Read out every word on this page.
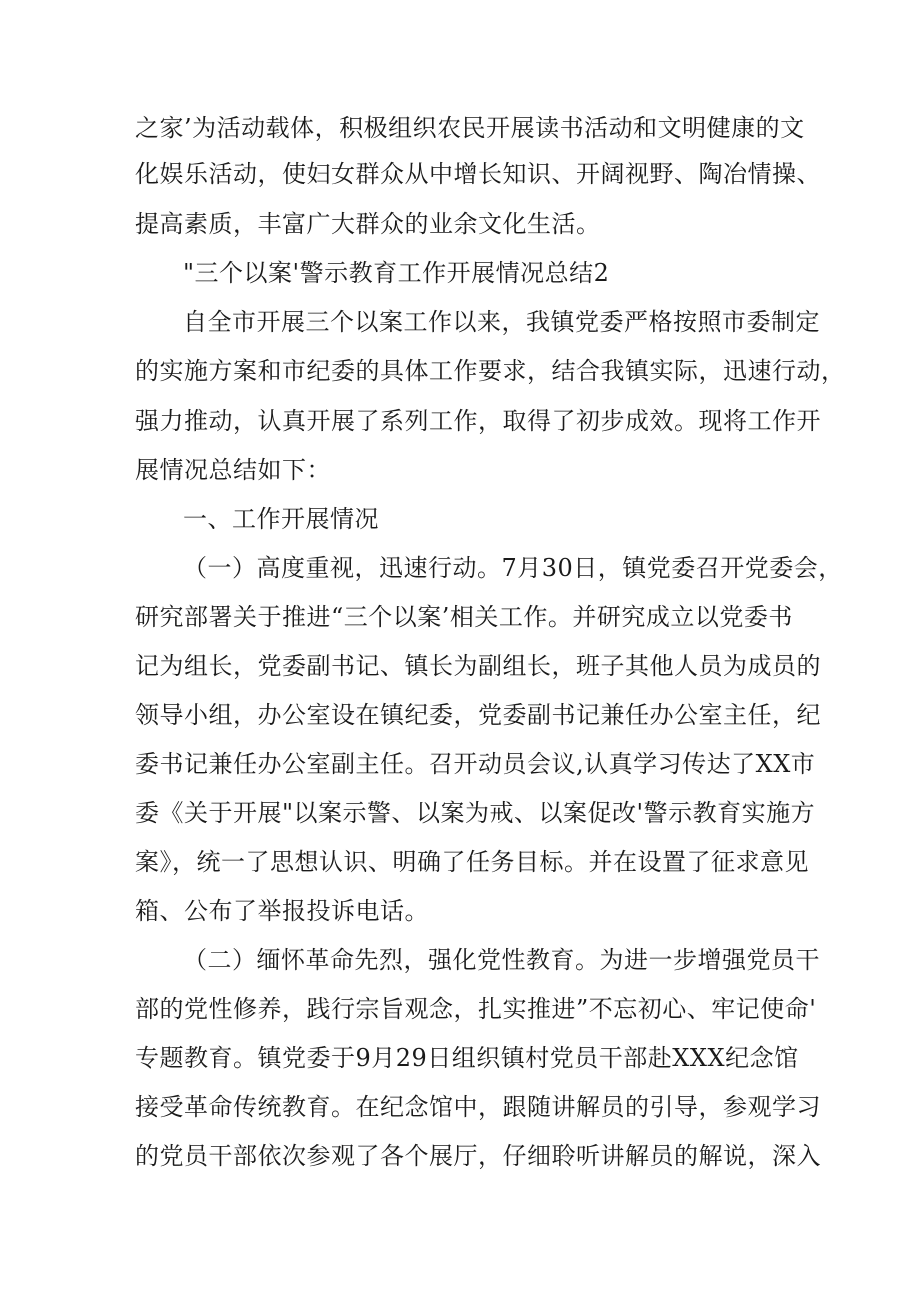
之家’为活动载体，积极组织农民开展读书活动和文明健康的文
化娱乐活动，使妇女群众从中增长知识、开阔视野、陶冶情操、
提高素质，丰富广大群众的业余文化生活。
"三个以案'警示教育工作开展情况总结2
自全市开展三个以案工作以来，我镇党委严格按照市委制定
的实施方案和市纪委的具体工作要求，结合我镇实际，迅速行动，
强力推动，认真开展了系列工作，取得了初步成效。现将工作开
展情况总结如下：
一、工作开展情况
（一）高度重视，迅速行动。7月30日，镇党委召开党委会，
研究部署关于推进“三个以案’相关工作。并研究成立以党委书
记为组长，党委副书记、镇长为副组长，班子其他人员为成员的
领导小组，办公室设在镇纪委，党委副书记兼任办公室主任，纪
委书记兼任办公室副主任。召开动员会议,认真学习传达了XX市
委《关于开展"以案示警、以案为戒、以案促改'警示教育实施方
案》，统一了思想认识、明确了任务目标。并在设置了征求意见
箱、公布了举报投诉电话。
（二）缅怀革命先烈，强化党性教育。为进一步增强党员干
部的党性修养，践行宗旨观念，扎实推进”不忘初心、牢记使命'
专题教育。镇党委于9月29日组织镇村党员干部赴XXX纪念馆
接受革命传统教育。在纪念馆中，跟随讲解员的引导，参观学习
的党员干部依次参观了各个展厅，仔细聆听讲解员的解说，深入
